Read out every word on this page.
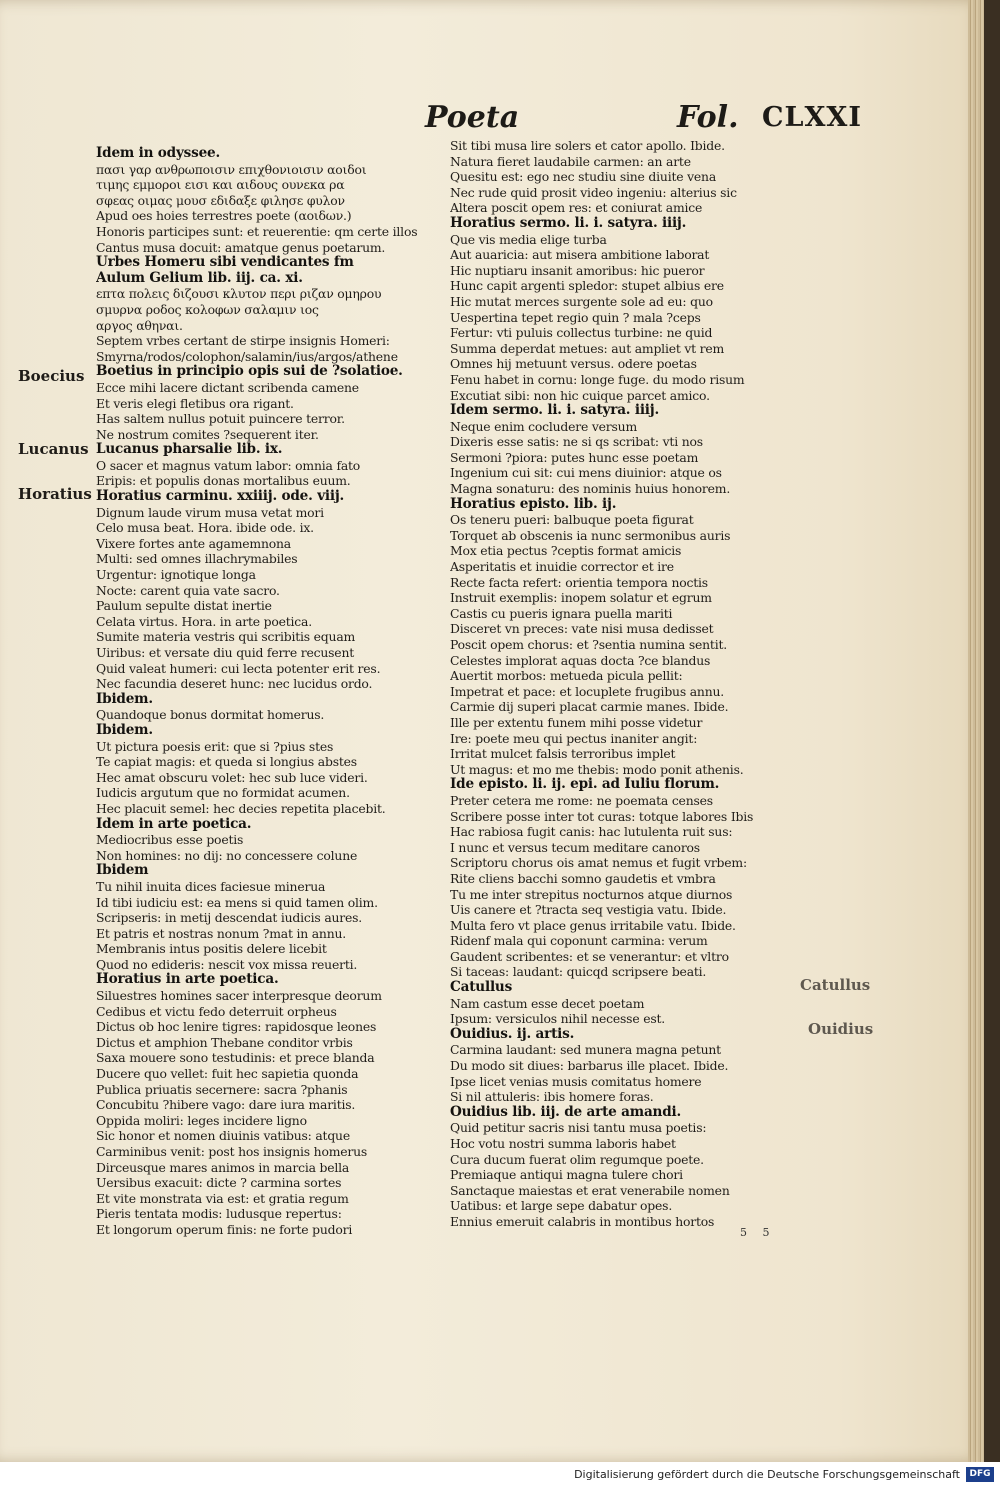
Poeta	Fol. CLXXI
Boecius
Lucanus
Horatius
Catullus
Ouidius
Idem in odyssee.
πασι γαρ ανθρωποισιν επιχθονιοισιν αοιδοι
τιμης εμμοροι εισι και αιδους ουνεκα ρα
σφεας οιμας μουσ εδιδαξε φιλησε φυλον
Apud oes hoies terrestres poete (αοιδων.)
Honoris participes sunt: et reuerentie: qm certe illos
Cantus musa docuit: amatque genus poetarum.
Urbes Homeru sibi vendicantes fm
Aulum Gelium lib. iij. ca. xi.
επτα πολεις διζουσι κλυτον περι ριζαν ομηρου
σμυρνα ροδος κολοφων σαλαμιν ιος
αργος αθηναι.
Septem vrbes certant de stirpe insignis Homeri:
Smyrna/rodos/colophon/salamin/ius/argos/athene
Boetius in principio opis sui de ?solatioe.
Ecce mihi lacere dictant scribenda camene
Et veris elegi fletibus ora rigant.
Has saltem nullus potuit puincere terror.
Ne nostrum comites ?sequerent iter.
Lucanus pharsalie lib. ix.
O sacer et magnus vatum labor: omnia fato
Eripis: et populis donas mortalibus euum.
Horatius carminu. xxiiij. ode. viij.
Dignum laude virum musa vetat mori
Celo musa beat. Hora. ibide ode. ix.
Vixere fortes ante agamemnona
Multi: sed omnes illachrymabiles
Urgentur: ignotique longa
Nocte: carent quia vate sacro.
Paulum sepulte distat inertie
Celata virtus. Hora. in arte poetica.
Sumite materia vestris qui scribitis equam
Uiribus: et versate diu quid ferre recusent
Quid valeat humeri: cui lecta potenter erit res.
Nec facundia deseret hunc: nec lucidus ordo.
Ibidem.
Quandoque bonus dormitat homerus.
Ibidem.
Ut pictura poesis erit: que si ?pius stes
Te capiat magis: et queda si longius abstes
Hec amat obscuru volet: hec sub luce videri.
Iudicis argutum que no formidat acumen.
Hec placuit semel: hec decies repetita placebit.
Idem in arte poetica.
Mediocribus esse poetis
Non homines: no dij: no concessere colune
Ibidem
Tu nihil inuita dices faciesue minerua
Id tibi iudiciu est: ea mens si quid tamen olim.
Scripseris: in metij descendat iudicis aures.
Et patris et nostras nonum ?mat in annu.
Membranis intus positis delere licebit
Quod no edideris: nescit vox missa reuerti.
Horatius in arte poetica.
Siluestres homines sacer interpresque deorum
Cedibus et victu fedo deterruit orpheus
Dictus ob hoc lenire tigres: rapidosque leones
Dictus et amphion Thebane conditor vrbis
Saxa mouere sono testudinis: et prece blanda
Ducere quo vellet: fuit hec sapietia quonda
Publica priuatis secernere: sacra ?phanis
Concubitu ?hibere vago: dare iura maritis.
Oppida moliri: leges incidere ligno
Sic honor et nomen diuinis vatibus: atque
Carminibus venit: post hos insignis homerus
Dirceusque mares animos in marcia bella
Uersibus exacuit: dicte ? carmina sortes
Et vite monstrata via est: et gratia regum
Pieris tentata modis: ludusque repertus:
Et longorum operum finis: ne forte pudori
Sit tibi musa lire solers et cator apollo. Ibide.
Natura fieret laudabile carmen: an arte
Quesitu est: ego nec studiu sine diuite vena
Nec rude quid prosit video ingeniu: alterius sic
Altera poscit opem res: et coniurat amice
Horatius sermo. li. i. satyra. iiij.
Que vis media elige turba
Aut auaricia: aut misera ambitione laborat
Hic nuptiaru insanit amoribus: hic pueror
Hunc capit argenti spledor: stupet albius ere
Hic mutat merces surgente sole ad eu: quo
Uespertina tepet regio quin ? mala ?ceps
Fertur: vti puluis collectus turbine: ne quid
Summa deperdat metues: aut ampliet vt rem
Omnes hij metuunt versus. odere poetas
Fenu habet in cornu: longe fuge. du modo risum
Excutiat sibi: non hic cuique parcet amico.
Idem sermo. li. i. satyra. iiij.
Neque enim cocludere versum
Dixeris esse satis: ne si qs scribat: vti nos
Sermoni ?piora: putes hunc esse poetam
Ingenium cui sit: cui mens diuinior: atque os
Magna sonaturu: des nominis huius honorem.
Horatius episto. lib. ij.
Os teneru pueri: balbuque poeta figurat
Torquet ab obscenis ia nunc sermonibus auris
Mox etia pectus ?ceptis format amicis
Asperitatis et inuidie corrector et ire
Recte facta refert: orientia tempora noctis
Instruit exemplis: inopem solatur et egrum
Castis cu pueris ignara puella mariti
Disceret vn preces: vate nisi musa dedisset
Poscit opem chorus: et ?sentia numina sentit.
Celestes implorat aquas docta ?ce blandus
Auertit morbos: metueda picula pellit:
Impetrat et pace: et locuplete frugibus annu.
Carmie dij superi placat carmie manes. Ibide.
Ille per extentu funem mihi posse videtur
Ire: poete meu qui pectus inaniter angit:
Irritat mulcet falsis terroribus implet
Ut magus: et mo me thebis: modo ponit athenis.
Ide episto. li. ij. epi. ad Iuliu florum.
Preter cetera me rome: ne poemata censes
Scribere posse inter tot curas: totque labores Ibis
Hac rabiosa fugit canis: hac lutulenta ruit sus:
I nunc et versus tecum meditare canoros
Scriptoru chorus ois amat nemus et fugit vrbem:
Rite cliens bacchi somno gaudetis et vmbra
Tu me inter strepitus nocturnos atque diurnos
Uis canere et ?tracta seq vestigia vatu. Ibide.
Multa fero vt place genus irritabile vatu. Ibide.
Ridenf mala qui coponunt carmina: verum
Gaudent scribentes: et se venerantur: et vltro
Si taceas: laudant: quicqd scripsere beati.
Catullus
Nam castum esse decet poetam
Ipsum: versiculos nihil necesse est.
Ouidius. ij. artis.
Carmina laudant: sed munera magna petunt
Du modo sit diues: barbarus ille placet. Ibide.
Ipse licet venias musis comitatus homere
Si nil attuleris: ibis homere foras.
Ouidius lib. iij. de arte amandi.
Quid petitur sacris nisi tantu musa poetis:
Hoc votu nostri summa laboris habet
Cura ducum fuerat olim regumque poete.
Premiaque antiqui magna tulere chori
Sanctaque maiestas et erat venerabile nomen
Uatibus: et large sepe dabatur opes.
Ennius emeruit calabris in montibus hortos
5 5
Digitalisierung gefördert durch die Deutsche Forschungsgemeinschaft	DFG
